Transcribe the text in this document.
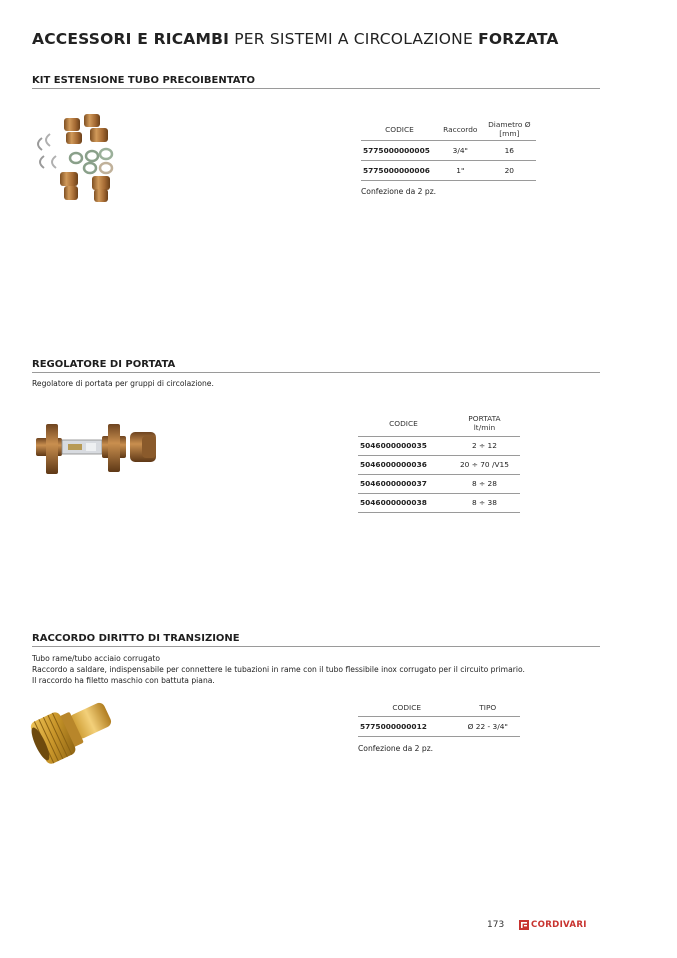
ACCESSORI E RICAMBI PER SISTEMI A CIRCOLAZIONE FORZATA
KIT ESTENSIONE TUBO PRECOIBENTATO
CODICE	Raccordo	Diametro Ø
[mm]
5775000000005	3/4"	16
5775000000006	1"	20
Confezione da 2 pz.
REGOLATORE DI PORTATA
Regolatore di portata per gruppi di circolazione.
CODICE	PORTATA
lt/min
5046000000035	2 ÷ 12
5046000000036	20 ÷ 70 /V15
5046000000037	8 ÷ 28
5046000000038	8 ÷ 38
RACCORDO DIRITTO DI TRANSIZIONE
Tubo rame/tubo acciaio corrugato
Raccordo a saldare, indispensabile per connettere le tubazioni in rame con il tubo flessibile inox corrugato per il circuito primario.
Il raccordo ha filetto maschio con battuta piana.
CODICE	TIPO
5775000000012	Ø 22 - 3/4"
Confezione da 2 pz.
173	CORDIVARI
